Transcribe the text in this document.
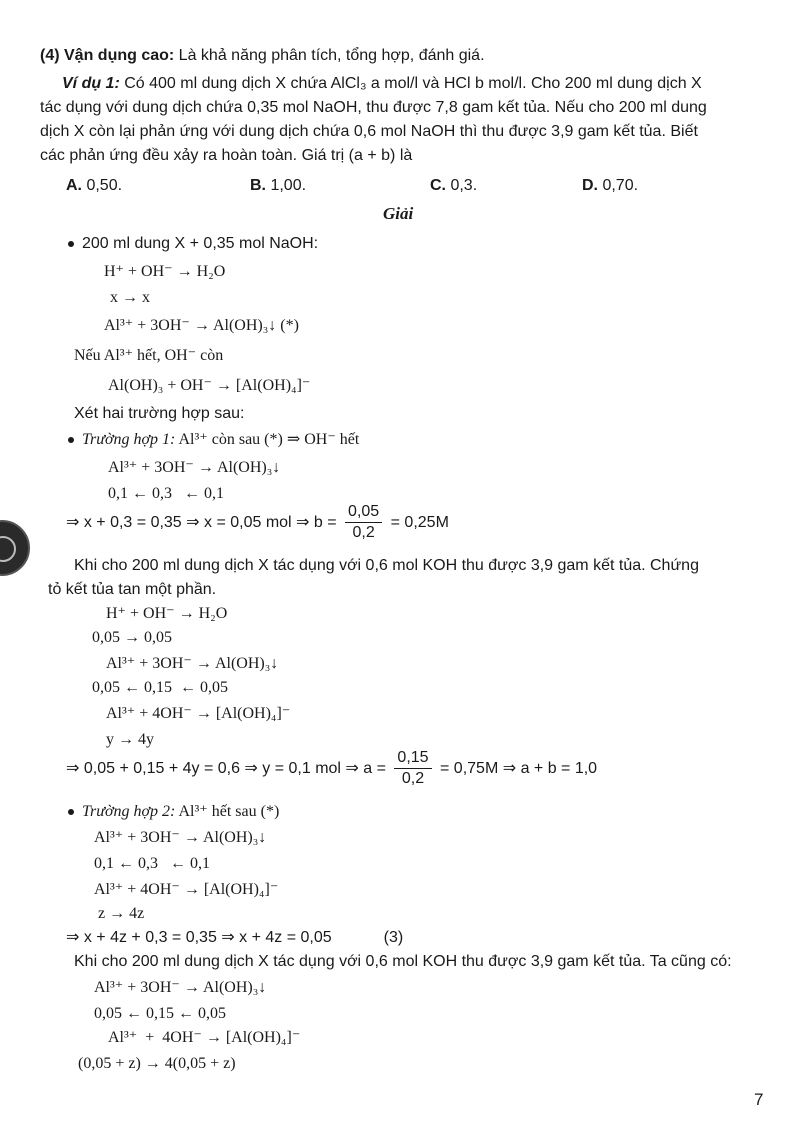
(4) Vận dụng cao: Là khả năng phân tích, tổng hợp, đánh giá.
Ví dụ 1: Có 400 ml dung dịch X chứa AlCl₃ a mol/l và HCl b mol/l. Cho 200 ml dung dịch X
tác dụng với dung dịch chứa 0,35 mol NaOH, thu được 7,8 gam kết tủa. Nếu cho 200 ml dung
dịch X còn lại phản ứng với dung dịch chứa 0,6 mol NaOH thì thu được 3,9 gam kết tủa. Biết
các phản ứng đều xảy ra hoàn toàn. Giá trị (a + b) là
A. 0,50.	B. 1,00.	C. 0,3.	D. 0,70.
Giải
200 ml dung X + 0,35 mol NaOH:
H⁺ + OH⁻ → H₂O
x → x
Al³⁺ + 3OH⁻ → Al(OH)₃↓ (*)
Nếu Al³⁺ hết, OH⁻ còn
Al(OH)₃ + OH⁻ → [Al(OH)₄]⁻
Xét hai trường hợp sau:
Trường hợp 1: Al³⁺ còn sau (*) ⇒ OH⁻ hết
Al³⁺ + 3OH⁻ → Al(OH)₃↓
0,1 ← 0,3   ← 0,1
⇒ x + 0,3 = 0,35 ⇒ x = 0,05 mol ⇒ $b = \frac{0,05}{0,2} = 0,25M$
Khi cho 200 ml dung dịch X tác dụng với 0,6 mol KOH thu được 3,9 gam kết tủa. Chứng
tỏ kết tủa tan một phần.
H⁺ + OH⁻ → H₂O
0,05 → 0,05
Al³⁺ + 3OH⁻ → Al(OH)₃↓
0,05 ← 0,15  ← 0,05
Al³⁺ + 4OH⁻ → [Al(OH)₄]⁻
y → 4y
⇒ 0,05 + 0,15 + 4y = 0,6 ⇒ y = 0,1 mol ⇒ $a = \frac{0,15}{0,2} = 0,75M$ ⇒ a + b = 1,0
Trường hợp 2: Al³⁺ hết sau (*)
Al³⁺ + 3OH⁻ → Al(OH)₃↓
0,1 ← 0,3   ← 0,1
Al³⁺ + 4OH⁻ → [Al(OH)₄]⁻
z → 4z
⇒ x + 4z + 0,3 = 0,35 ⇒ x + 4z = 0,05	(3)
Khi cho 200 ml dung dịch X tác dụng với 0,6 mol KOH thu được 3,9 gam kết tủa. Ta cũng có:
Al³⁺ + 3OH⁻ → Al(OH)₃↓
0,05 ← 0,15 ← 0,05
Al³⁺  +  4OH⁻ → [Al(OH)₄]⁻
(0,05 + z) → 4(0,05 + z)
7
